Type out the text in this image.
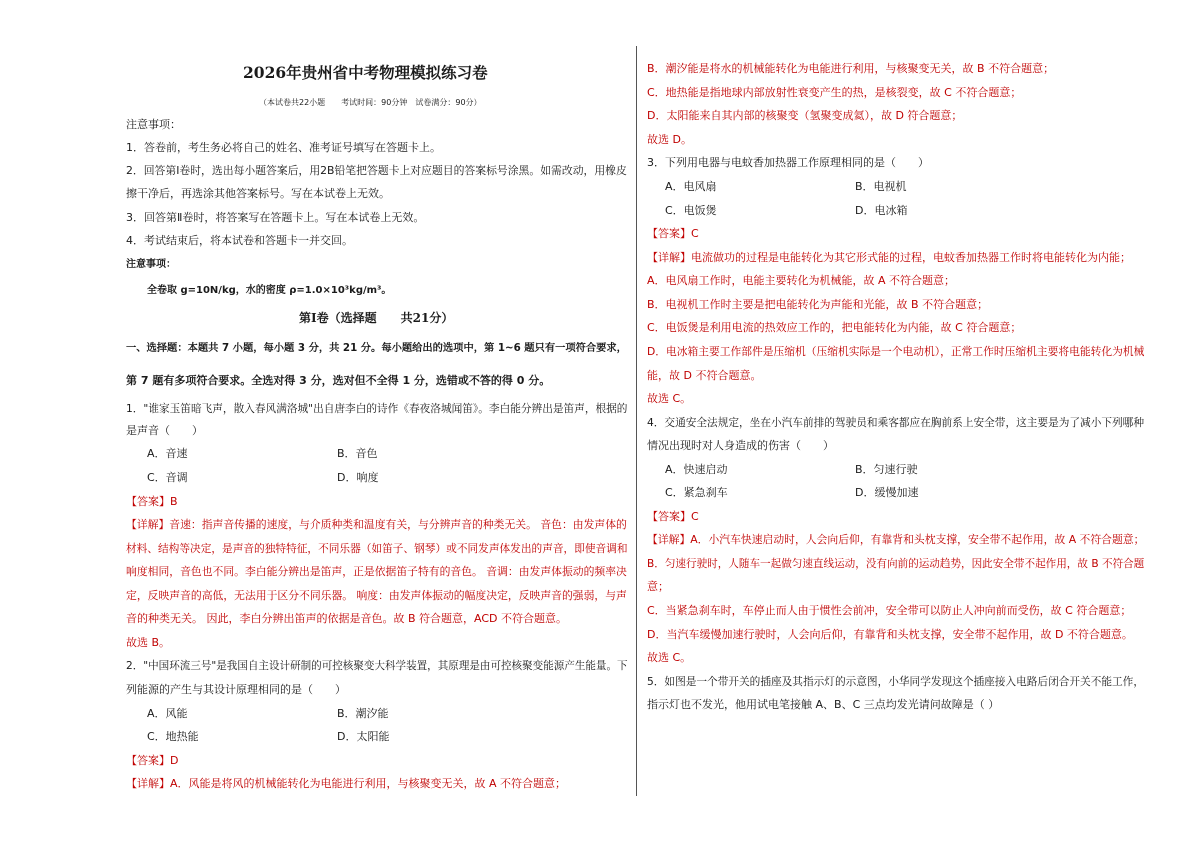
2026年贵州省中考物理模拟练习卷
（本试卷共22小题　　考试时间：90分钟　试卷满分：90分）
注意事项：
1．答卷前，考生务必将自己的姓名、准考证号填写在答题卡上。
2．回答第Ⅰ卷时，选出每小题答案后，用2B铅笔把答题卡上对应题目的答案标号涂黑。如需改动，用橡皮
擦干净后，再选涂其他答案标号。写在本试卷上无效。
3．回答第Ⅱ卷时，将答案写在答题卡上。写在本试卷上无效。
4．考试结束后，将本试卷和答题卡一并交回。
注意事项：
全卷取 g=10N/kg，水的密度 ρ=1.0×10³kg/m³。
第Ⅰ卷（选择题　　共21分）
一、选择题：本题共 7 小题，每小题 3 分，共 21 分。每小题给出的选项中，第 1~6 题只有一项符合要求，
第 7 题有多项符合要求。全选对得 3 分，选对但不全得 1 分，选错或不答的得 0 分。
1．"谁家玉笛暗飞声，散入春风满洛城"出自唐李白的诗作《春夜洛城闻笛》。李白能分辨出是笛声，根据的
是声音（　　）
A．音速	B．音色
C．音调	D．响度
【答案】B
【详解】音速：指声音传播的速度，与介质种类和温度有关，与分辨声音的种类无关。 音色：由发声体的
材料、结构等决定，是声音的独特特征，不同乐器（如笛子、钢琴）或不同发声体发出的声音，即使音调和
响度相同，音色也不同。李白能分辨出是笛声，正是依据笛子特有的音色。 音调：由发声体振动的频率决
定，反映声音的高低，无法用于区分不同乐器。 响度：由发声体振动的幅度决定，反映声音的强弱，与声
音的种类无关。 因此，李白分辨出笛声的依据是音色。故 B 符合题意，ACD 不符合题意。
故选 B。
2．"中国环流三号"是我国自主设计研制的可控核聚变大科学装置，其原理是由可控核聚变能源产生能量。下
列能源的产生与其设计原理相同的是（　　）
A．风能	B．潮汐能
C．地热能	D．太阳能
【答案】D
【详解】A．风能是将风的机械能转化为电能进行利用，与核聚变无关，故 A 不符合题意；
B．潮汐能是将水的机械能转化为电能进行利用，与核聚变无关，故 B 不符合题意；
C．地热能是指地球内部放射性衰变产生的热，是核裂变，故 C 不符合题意；
D．太阳能来自其内部的核聚变（氢聚变成氦），故 D 符合题意；
故选 D。
3．下列用电器与电蚊香加热器工作原理相同的是（　　）
A．电风扇	B．电视机
C．电饭煲	D．电冰箱
【答案】C
【详解】电流做功的过程是电能转化为其它形式能的过程，电蚊香加热器工作时将电能转化为内能；
A．电风扇工作时，电能主要转化为机械能，故 A 不符合题意；
B．电视机工作时主要是把电能转化为声能和光能，故 B 不符合题意；
C．电饭煲是利用电流的热效应工作的，把电能转化为内能，故 C 符合题意；
D．电冰箱主要工作部件是压缩机（压缩机实际是一个电动机），正常工作时压缩机主要将电能转化为机械
能，故 D 不符合题意。
故选 C。
4．交通安全法规定，坐在小汽车前排的驾驶员和乘客都应在胸前系上安全带，这主要是为了减小下列哪种
情况出现时对人身造成的伤害（　　）
A．快速启动	B．匀速行驶
C．紧急刹车	D．缓慢加速
【答案】C
【详解】A．小汽车快速启动时，人会向后仰，有靠背和头枕支撑，安全带不起作用，故 A 不符合题意；
B．匀速行驶时，人随车一起做匀速直线运动，没有向前的运动趋势，因此安全带不起作用，故 B 不符合题
意；
C．当紧急刹车时，车停止而人由于惯性会前冲，安全带可以防止人冲向前而受伤，故 C 符合题意；
D．当汽车缓慢加速行驶时，人会向后仰，有靠背和头枕支撑，安全带不起作用，故 D 不符合题意。
故选 C。
5．如图是一个带开关的插座及其指示灯的示意图，小华同学发现这个插座接入电路后闭合开关不能工作，
指示灯也不发光，他用试电笔接触 A、B、C 三点均发光请问故障是（ ）
